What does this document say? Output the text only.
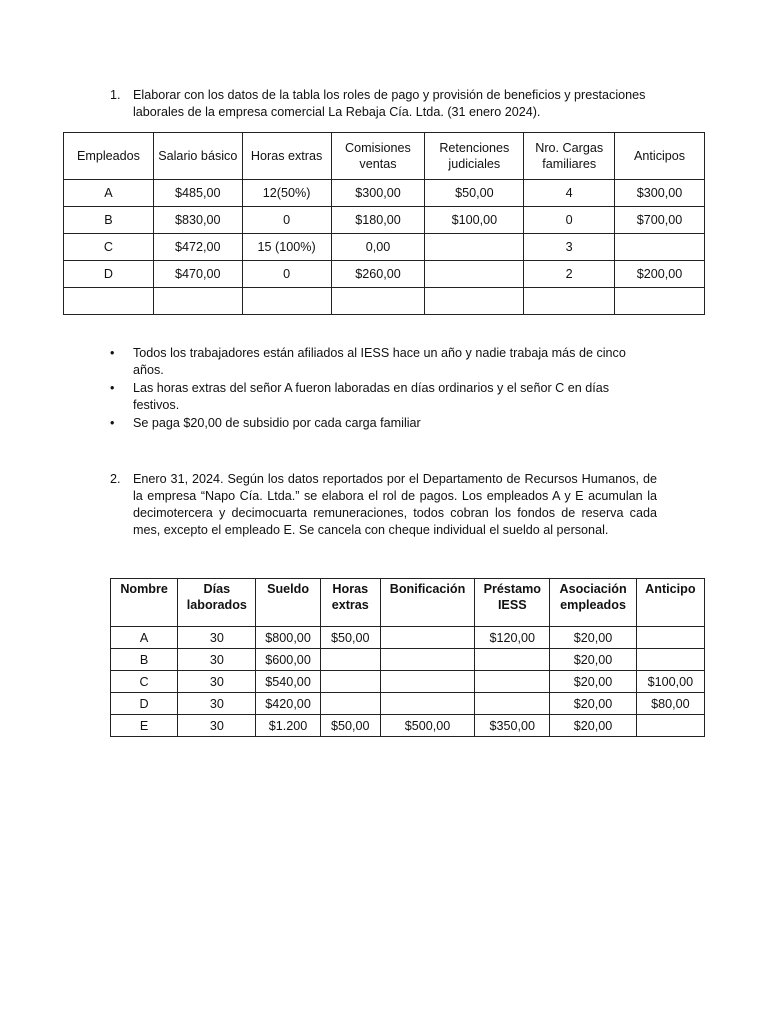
1. Elaborar con los datos de la tabla los roles de pago y provisión de beneficios y prestaciones laborales de la empresa comercial La Rebaja Cía. Ltda. (31 enero 2024).
Empleados	Salario básico	Horas extras	Comisiones ventas	Retenciones judiciales	Nro. Cargas familiares	Anticipos
A	$485,00	12(50%)	$300,00	$50,00	4	$300,00
B	$830,00	0	$180,00	$100,00	0	$700,00
C	$472,00	15 (100%)	0,00		3	
D	$470,00	0	$260,00		2	$200,00

• Todos los trabajadores están afiliados al IESS hace un año y nadie trabaja más de cinco años.
• Las horas extras del señor A fueron laboradas en días ordinarios y el señor C en días festivos.
• Se paga $20,00 de subsidio por cada carga familiar
2. Enero 31, 2024. Según los datos reportados por el Departamento de Recursos Humanos, de la empresa “Napo Cía. Ltda.” se elabora el rol de pagos. Los empleados A y E acumulan la decimotercera y decimocuarta remuneraciones, todos cobran los fondos de reserva cada mes, excepto el empleado E. Se cancela con cheque individual el sueldo al personal.
Nombre	Días laborados	Sueldo	Horas extras	Bonificación	Préstamo IESS	Asociación empleados	Anticipo
A	30	$800,00	$50,00		$120,00	$20,00	
B	30	$600,00				$20,00	
C	30	$540,00				$20,00	$100,00
D	30	$420,00				$20,00	$80,00
E	30	$1.200	$50,00	$500,00	$350,00	$20,00	
